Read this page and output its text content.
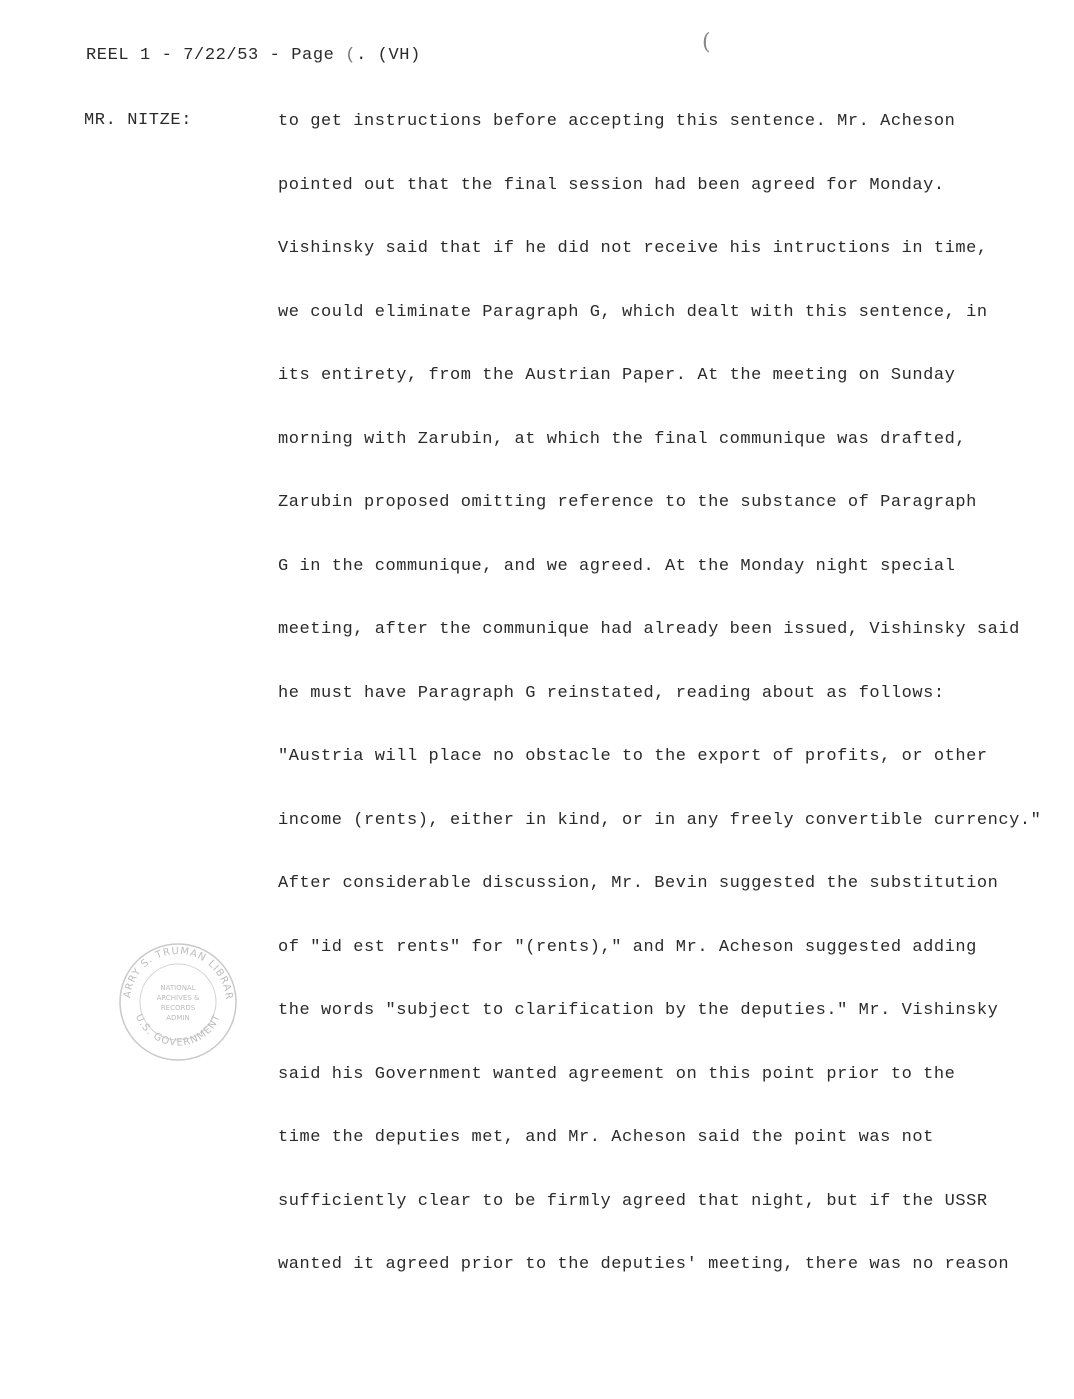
REEL 1 - 7/22/53 - Page (. (VH)
(
MR. NITZE:	to get instructions before accepting this sentence. Mr. Acheson
pointed out that the final session had been agreed for Monday.
Vishinsky said that if he did not receive his intructions in time,
we could eliminate Paragraph G, which dealt with this sentence, in
its entirety, from the Austrian Paper. At the meeting on Sunday
morning with Zarubin, at which the final communique was drafted,
Zarubin proposed omitting reference to the substance of Paragraph
G in the communique, and we agreed. At the Monday night special
meeting, after the communique had already been issued, Vishinsky said
he must have Paragraph G reinstated, reading about as follows:
"Austria will place no obstacle to the export of profits, or other
income (rents), either in kind, or in any freely convertible currency."
After considerable discussion, Mr. Bevin suggested the substitution
of "id est rents" for "(rents)," and Mr. Acheson suggested adding
the words "subject to clarification by the deputies." Mr. Vishinsky
said his Government wanted agreement on this point prior to the
time the deputies met, and Mr. Acheson said the point was not
sufficiently clear to be firmly agreed that night, but if the USSR
wanted it agreed prior to the deputies' meeting, there was no reason
ARRY S. TRUMAN LIBRAR
U.S. GOVERNMENT
NATIONAL
ARCHIVES &
RECORDS
ADMIN
